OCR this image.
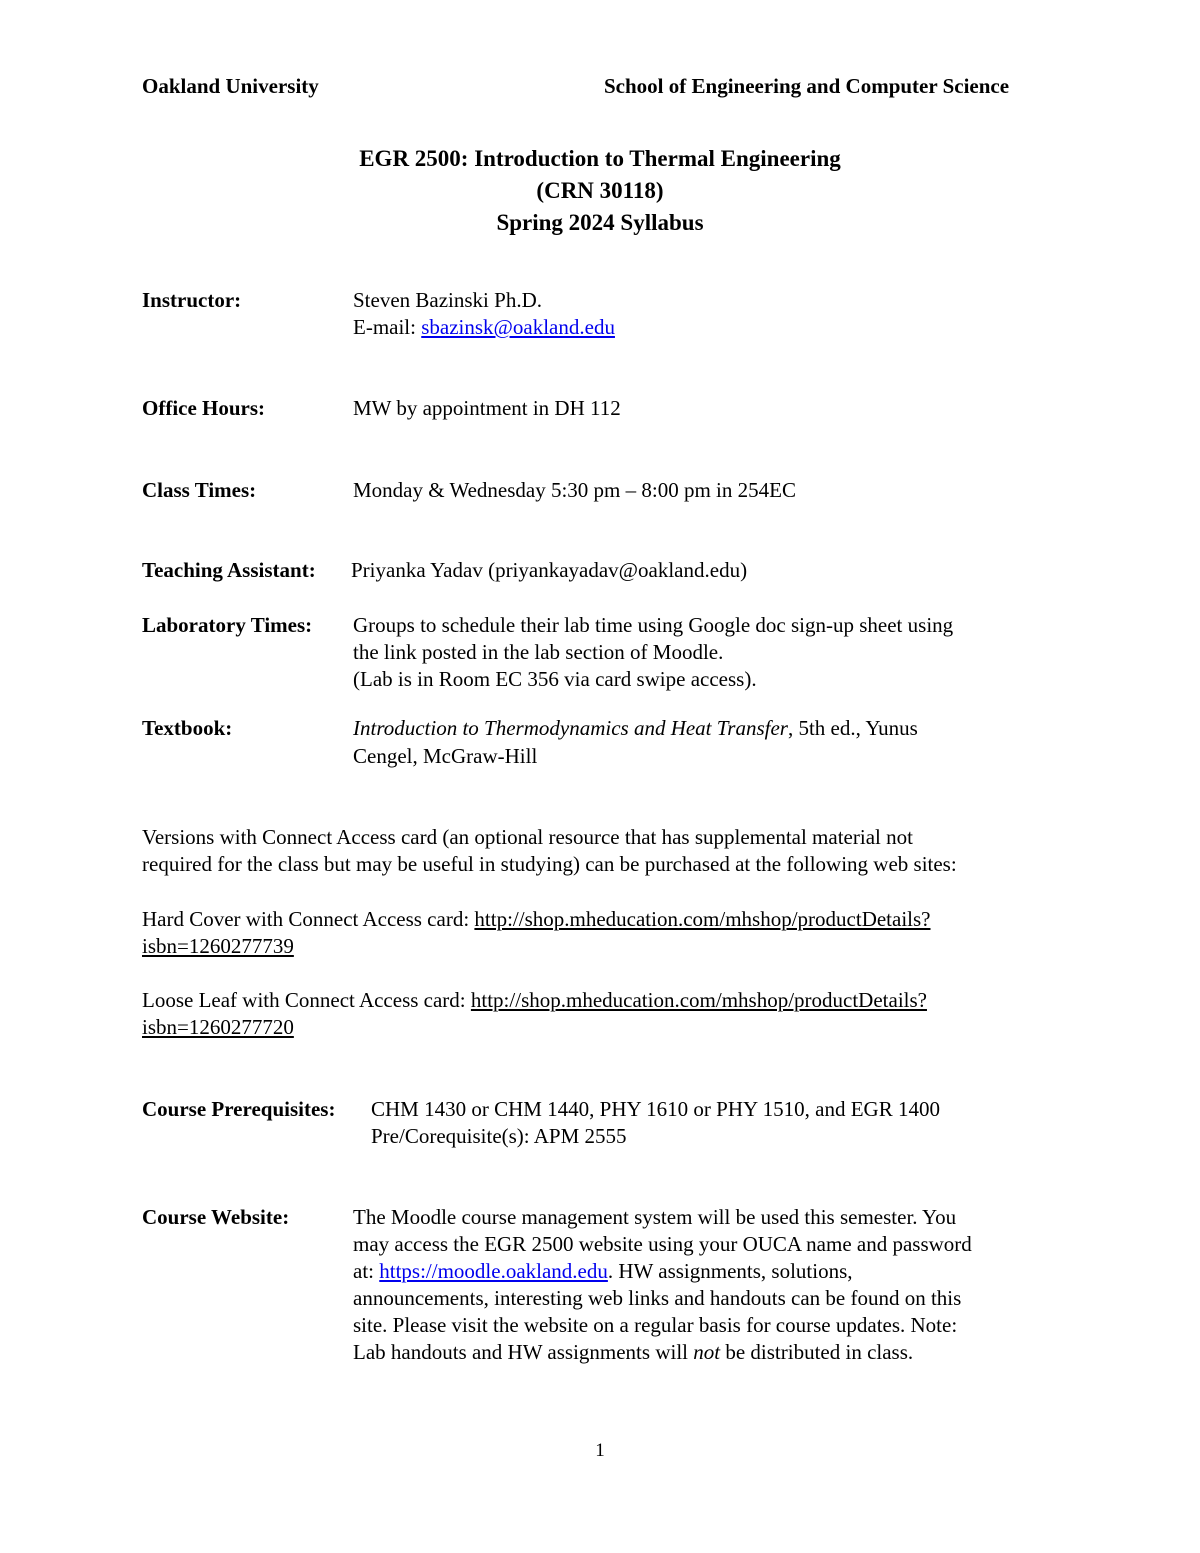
Oakland University	School of Engineering and Computer Science
EGR 2500: Introduction to Thermal Engineering
(CRN 30118)
Spring 2024 Syllabus
Instructor:	Steven Bazinski Ph.D.
E-mail: sbazinsk@oakland.edu
Office Hours:	MW by appointment in DH 112
Class Times:	Monday & Wednesday 5:30 pm – 8:00 pm in 254EC
Teaching Assistant: Priyanka Yadav (priyankayadav@oakland.edu)
Laboratory Times: Groups to schedule their lab time using Google doc sign-up sheet using
the link posted in the lab section of Moodle.
(Lab is in Room EC 356 via card swipe access).
Textbook:	Introduction to Thermodynamics and Heat Transfer, 5th ed., Yunus
Cengel, McGraw-Hill
Versions with Connect Access card (an optional resource that has supplemental material not
required for the class but may be useful in studying) can be purchased at the following web sites:
Hard Cover with Connect Access card: http://shop.mheducation.com/mhshop/productDetails?
isbn=1260277739
Loose Leaf with Connect Access card: http://shop.mheducation.com/mhshop/productDetails?
isbn=1260277720
Course Prerequisites: CHM 1430 or CHM 1440, PHY 1610 or PHY 1510, and EGR 1400
Pre/Corequisite(s): APM 2555
Course Website:	The Moodle course management system will be used this semester. You
may access the EGR 2500 website using your OUCA name and password
at: https://moodle.oakland.edu. HW assignments, solutions,
announcements, interesting web links and handouts can be found on this
site. Please visit the website on a regular basis for course updates. Note:
Lab handouts and HW assignments will not be distributed in class.
1
